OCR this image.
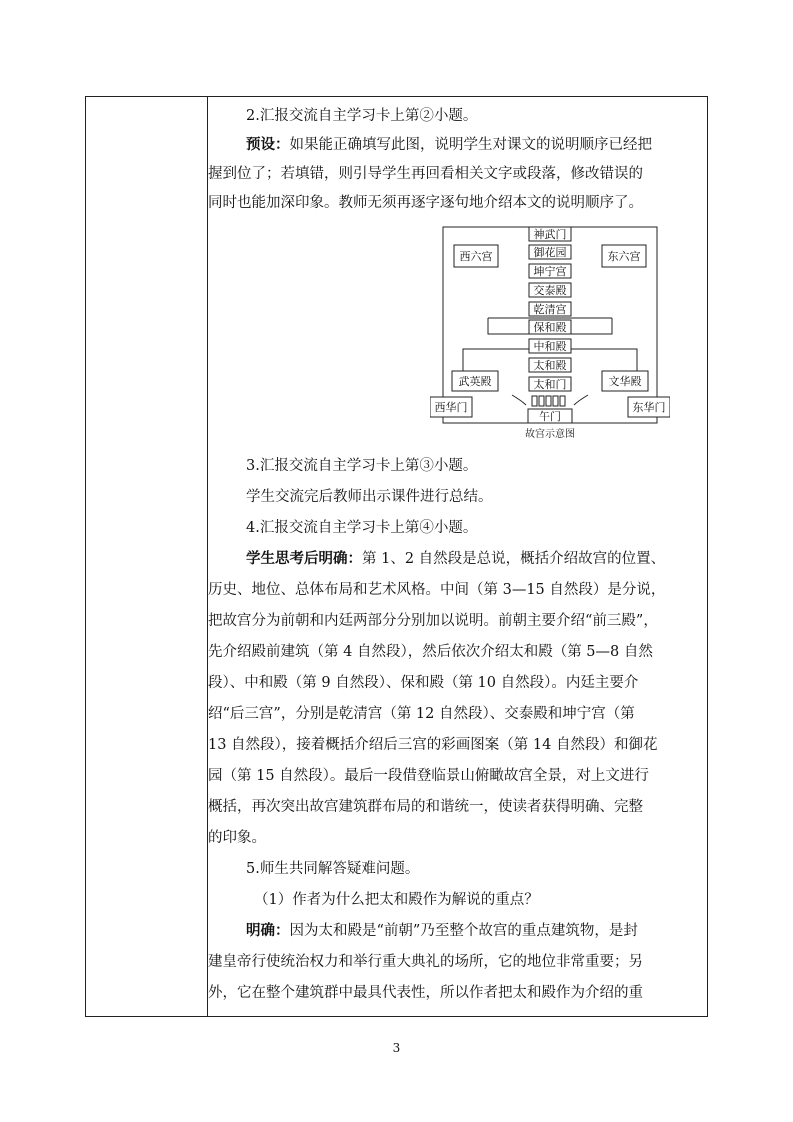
2.汇报交流自主学习卡上第②小题。
预设：如果能正确填写此图，说明学生对课文的说明顺序已经把
握到位了；若填错，则引导学生再回看相关文字或段落，修改错误的
同时也能加深印象。教师无须再逐字逐句地介绍本文的说明顺序了。
神武门
御花园
坤宁宫
交泰殿
乾清宫
保和殿
中和殿
太和殿
太和门
西六宫	东六宫
武英殿	文华殿
西华门	东华门
午门
故宫示意图
3.汇报交流自主学习卡上第③小题。
学生交流完后教师出示课件进行总结。
4.汇报交流自主学习卡上第④小题。
学生思考后明确：第 1、2 自然段是总说，概括介绍故宫的位置、
历史、地位、总体布局和艺术风格。中间（第 3—15 自然段）是分说，
把故宫分为前朝和内廷两部分分别加以说明。前朝主要介绍“前三殿”，
先介绍殿前建筑（第 4 自然段），然后依次介绍太和殿（第 5—8 自然
段）、中和殿（第 9 自然段）、保和殿（第 10 自然段）。内廷主要介
绍“后三宫”，分别是乾清宫（第 12 自然段）、交泰殿和坤宁宫（第
13 自然段），接着概括介绍后三宫的彩画图案（第 14 自然段）和御花
园（第 15 自然段）。最后一段借登临景山俯瞰故宫全景，对上文进行
概括，再次突出故宫建筑群布局的和谐统一，使读者获得明确、完整
的印象。
5.师生共同解答疑难问题。
（1）作者为什么把太和殿作为解说的重点？
明确：因为太和殿是“前朝”乃至整个故宫的重点建筑物，是封
建皇帝行使统治权力和举行重大典礼的场所，它的地位非常重要；另
外，它在整个建筑群中最具代表性，所以作者把太和殿作为介绍的重
3
